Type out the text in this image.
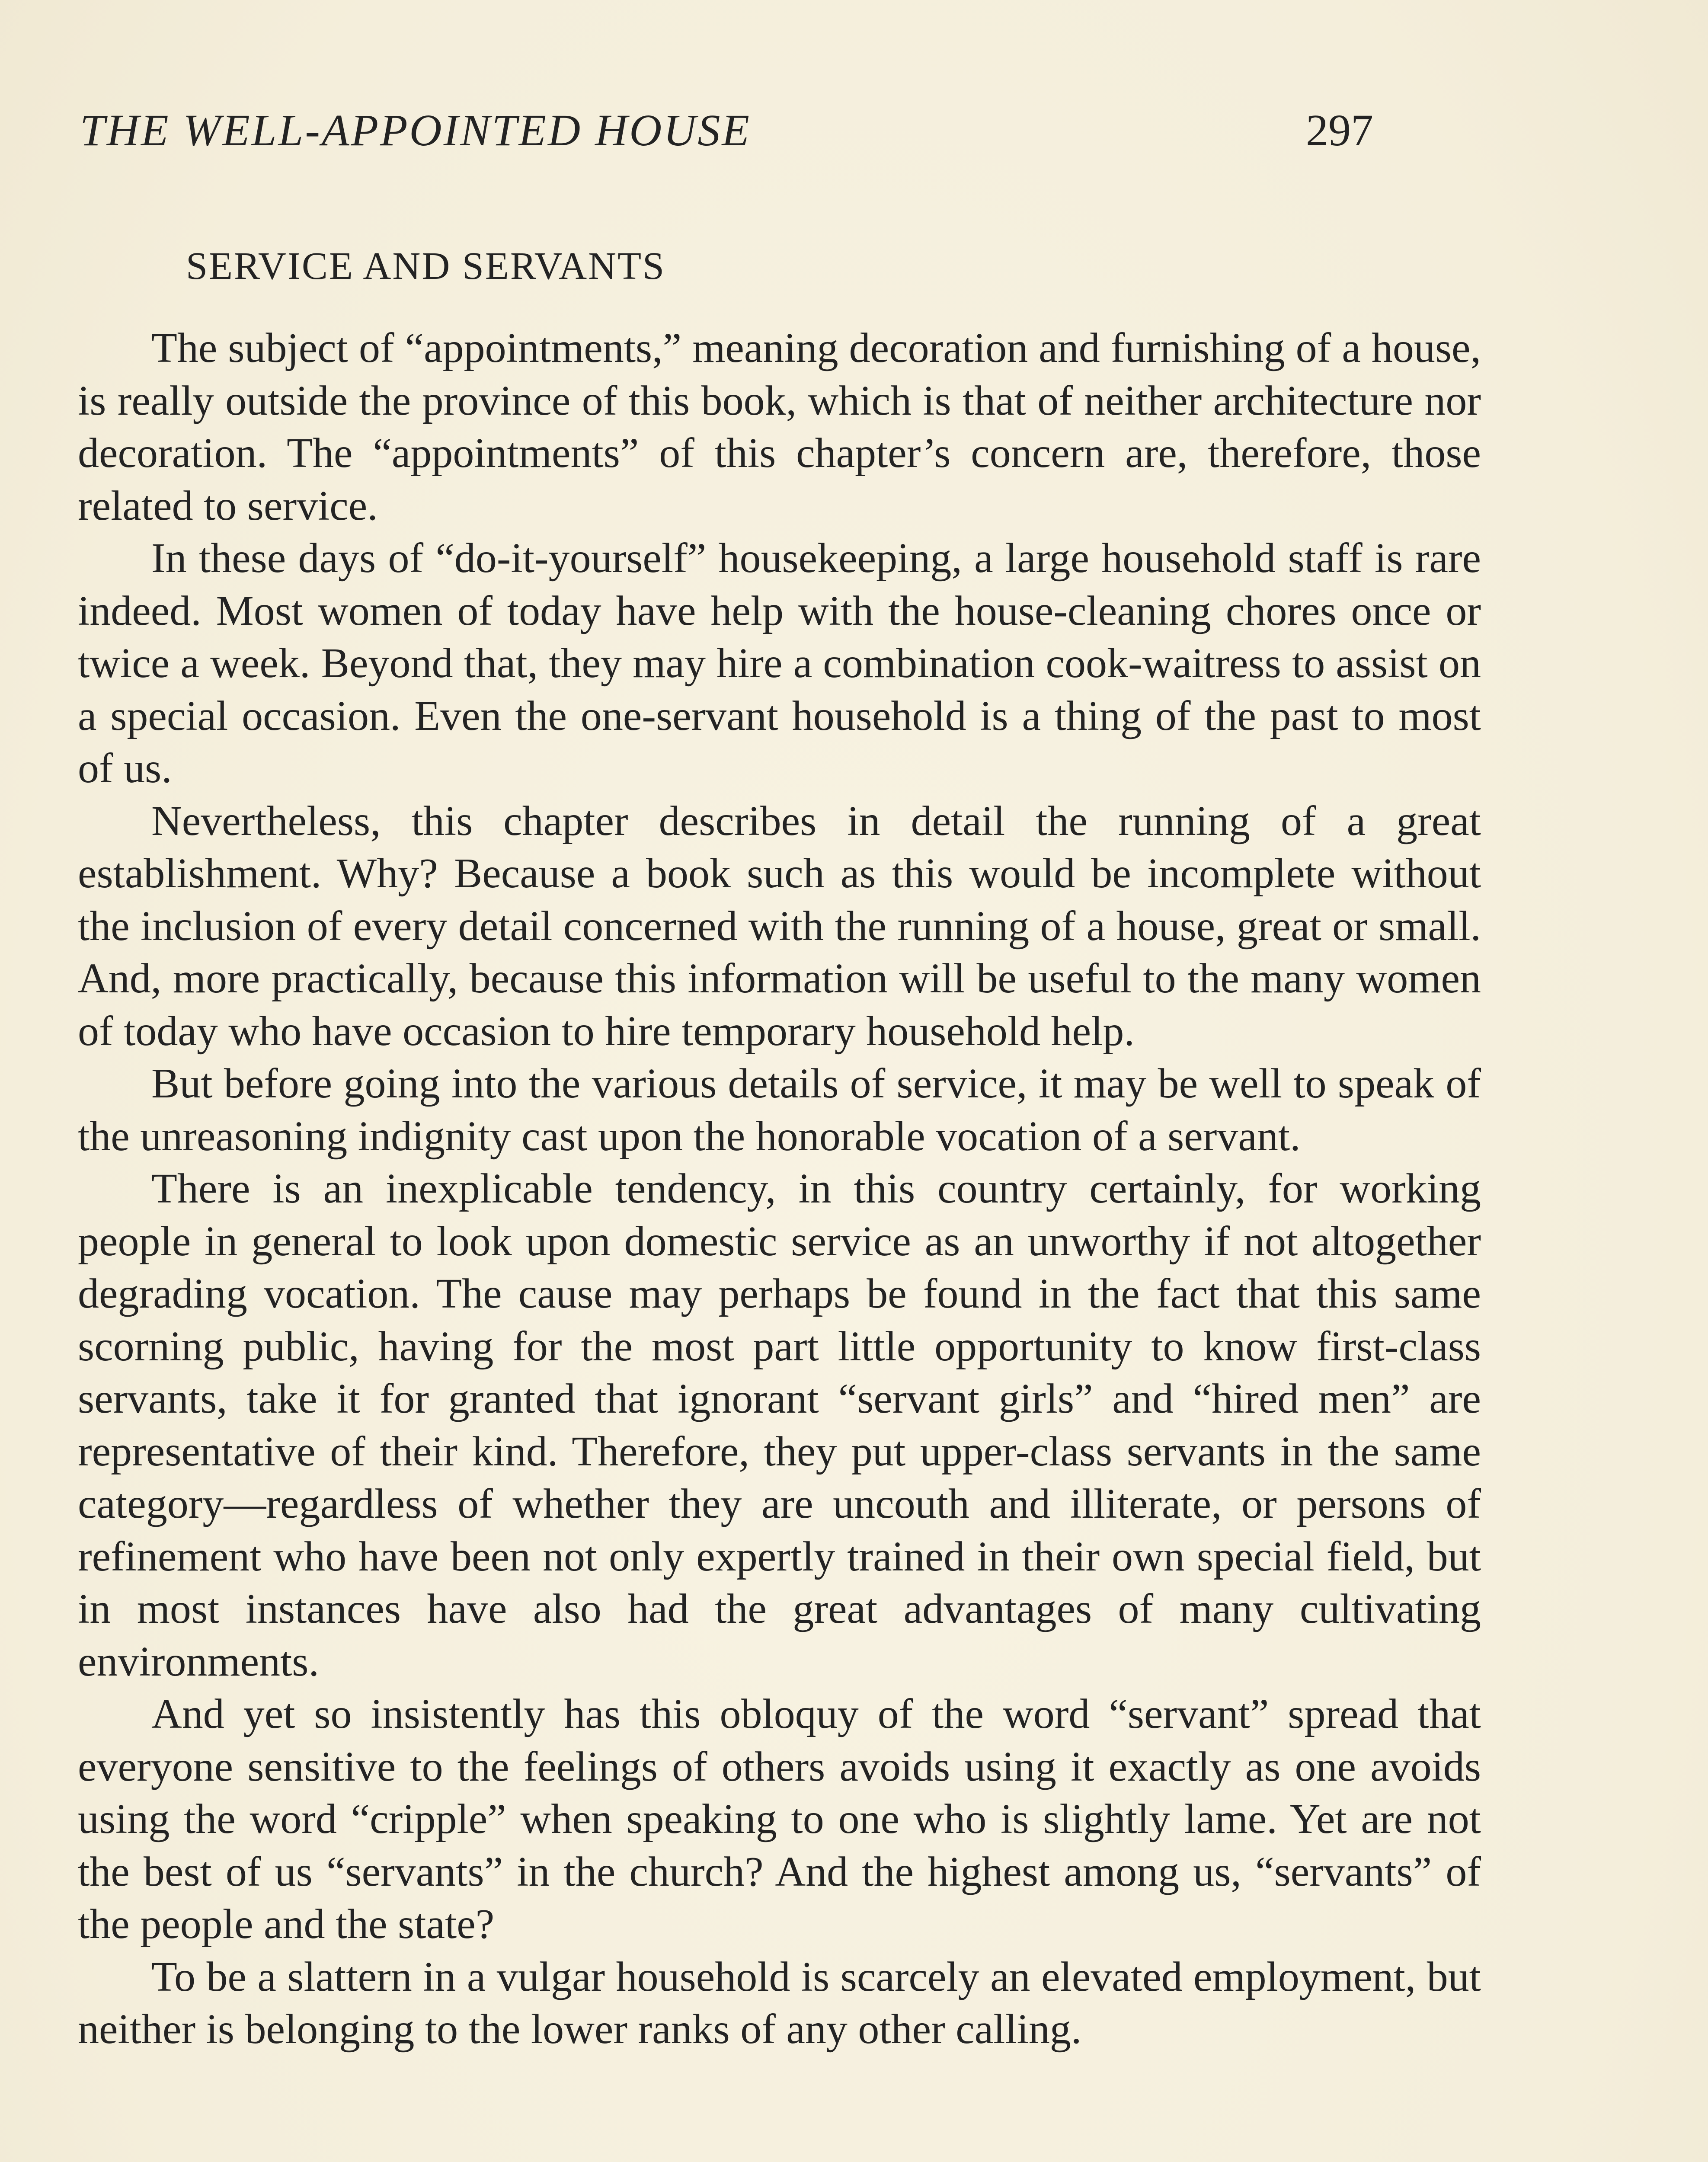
THE WELL-APPOINTED HOUSE	297
SERVICE AND SERVANTS

The subject of “appointments,” meaning decoration and furnishing of a house, is really outside the province of this book, which is that of neither architecture nor decoration. The “appointments” of this chapter’s concern are, therefore, those related to service.

In these days of “do-it-yourself” housekeeping, a large household staff is rare indeed. Most women of today have help with the house-cleaning chores once or twice a week. Beyond that, they may hire a combination cook-waitress to assist on a special occasion. Even the one-servant household is a thing of the past to most of us.

Nevertheless, this chapter describes in detail the running of a great establishment. Why? Because a book such as this would be incomplete without the inclusion of every detail concerned with the running of a house, great or small. And, more practically, because this information will be useful to the many women of today who have occasion to hire temporary household help.

But before going into the various details of service, it may be well to speak of the unreasoning indignity cast upon the honorable vocation of a servant.

There is an inexplicable tendency, in this country certainly, for working people in general to look upon domestic service as an unworthy if not altogether degrading vocation. The cause may perhaps be found in the fact that this same scorning public, having for the most part little opportunity to know first-class servants, take it for granted that ignorant “servant girls” and “hired men” are representative of their kind. Therefore, they put upper-class servants in the same category—regardless of whether they are uncouth and illiterate, or persons of refinement who have been not only expertly trained in their own special field, but in most instances have also had the great advantages of many cultivating environments.

And yet so insistently has this obloquy of the word “servant” spread that everyone sensitive to the feelings of others avoids using it exactly as one avoids using the word “cripple” when speaking to one who is slightly lame. Yet are not the best of us “servants” in the church? And the highest among us, “servants” of the people and the state?

To be a slattern in a vulgar household is scarcely an elevated employment, but neither is belonging to the lower ranks of any other calling.
